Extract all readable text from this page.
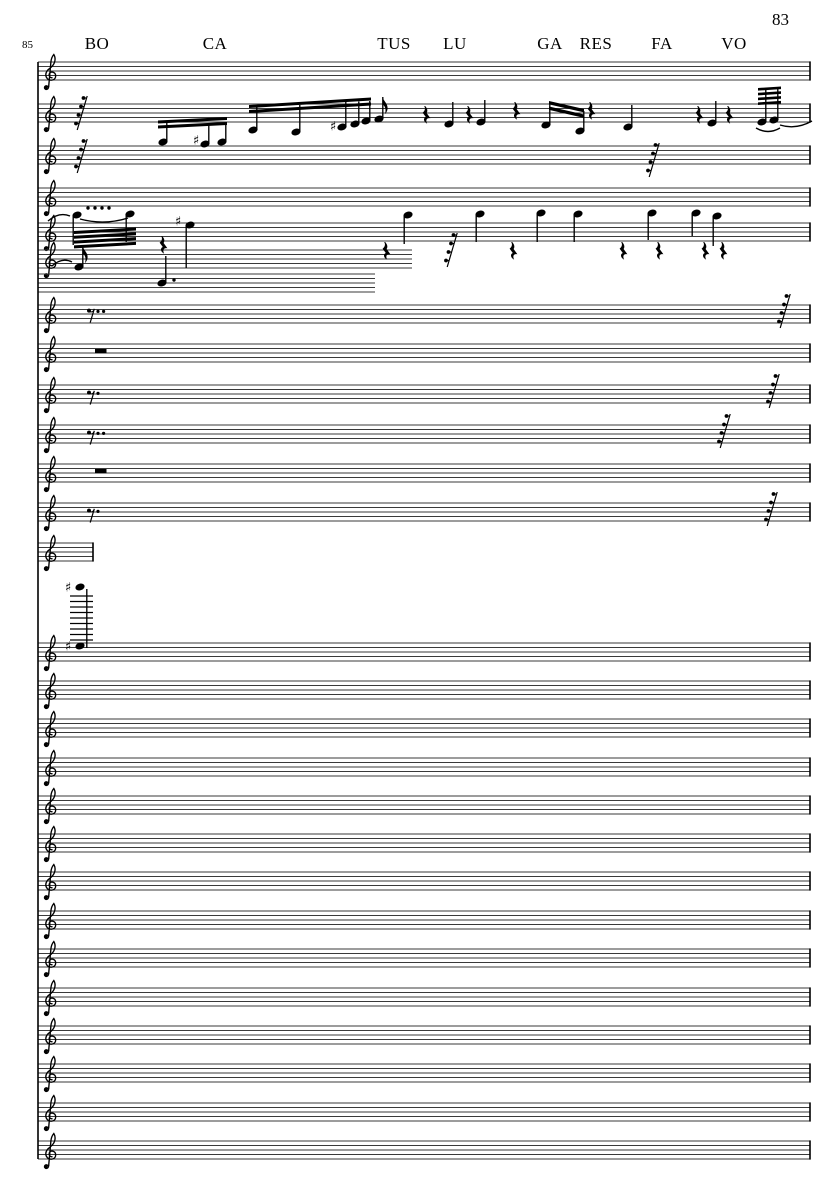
83
85	BO	CA	TUS LU	GA RES FA	VO
♯
♯
♯
♯
♯
